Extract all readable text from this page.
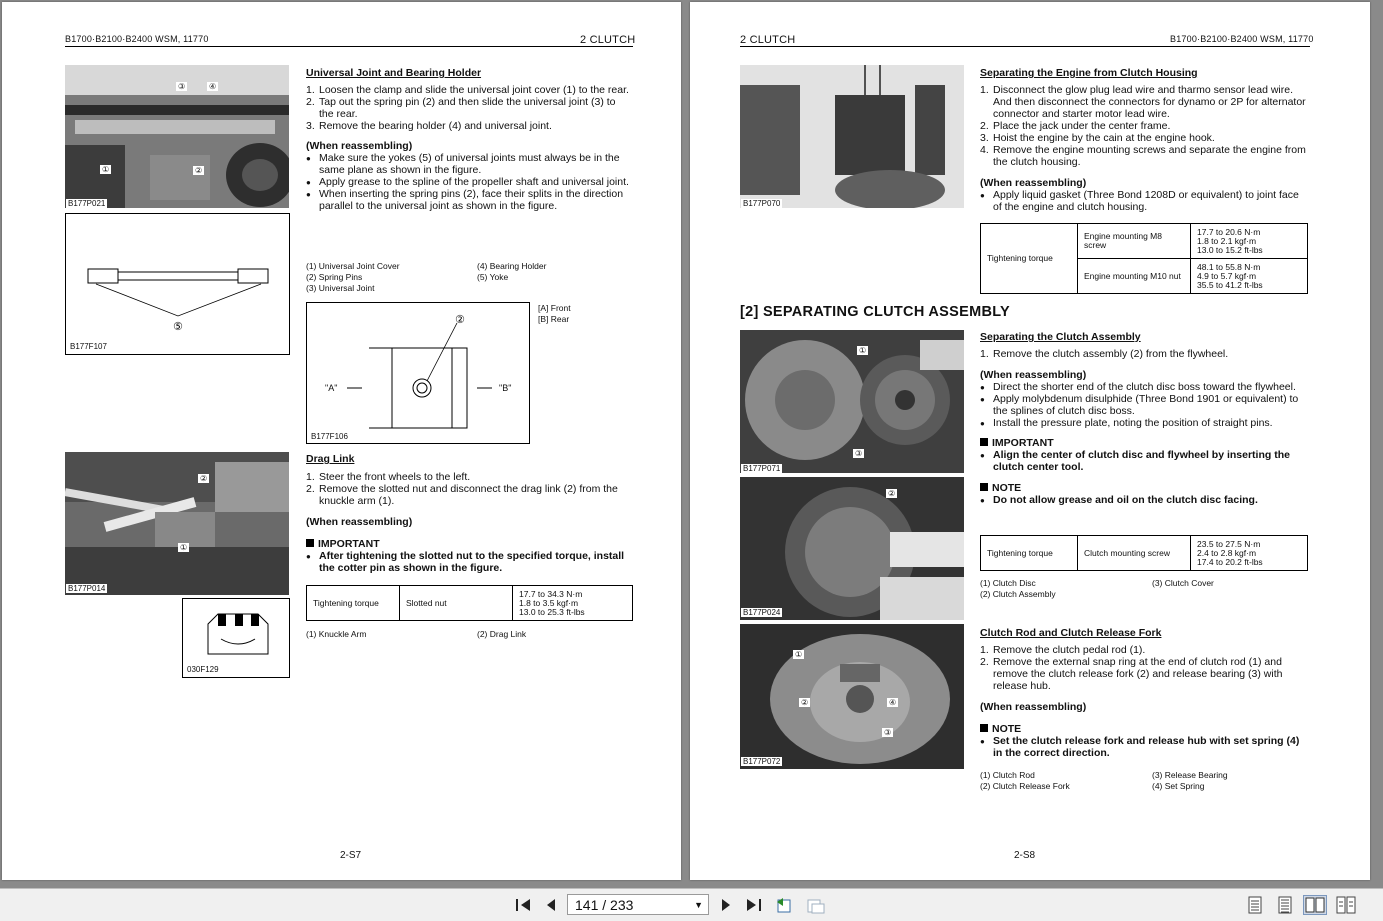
B1700·B2100·B2400 WSM, 11770	2 CLUTCH
③	④
②
①
B177P021
⑤
B177F107
Universal Joint and Bearing Holder
1. Loosen the clamp and slide the universal joint cover (1) to the rear.
2. Tap out the spring pin (2) and then slide the universal joint (3) to the rear.
3. Remove the bearing holder (4) and universal joint.

(When reassembling)

● Make sure the yokes (5) of universal joints must always be in the same plane as shown in the figure.
● Apply grease to the spline of the propeller shaft and universal joint.
● When inserting the spring pins (2), face their splits in the direction parallel to the universal joint as shown in the figure.
(1) Universal Joint Cover
(2) Spring Pins
(3) Universal Joint
(4) Bearing Holder
(5) Yoke
②
"A"	"B"
B177F106
[A] Front
[B] Rear
②
①
B177P014
030F129
Drag Link
1. Steer the front wheels to the left.
2. Remove the slotted nut and disconnect the drag link (2) from the knuckle arm (1).

(When reassembling)

IMPORTANT

● After tightening the slotted nut to the specified torque, install the cotter pin as shown in the figure.
Tightening torque	Slotted nut	
17.7 to 34.3 N·m
1.8 to 3.5 kgf·m
13.0 to 25.3 ft-lbs
(1) Knuckle Arm	(2) Drag Link
2-S7
2 CLUTCH	B1700·B2100·B2400 WSM, 11770
B177P070
Separating the Engine from Clutch Housing
1. Disconnect the glow plug lead wire and tharmo sensor lead wire. And then disconnect the connectors for dynamo or 2P for alternator connector and starter motor lead wire.
2. Place the jack under the center frame.
3. Hoist the engine by the cain at the engine hook.
4. Remove the engine mounting screws and separate the engine from the clutch housing.

(When reassembling)

● Apply liquid gasket (Three Bond 1208D or equivalent) to joint face of the engine and clutch housing.
Tightening torque	Engine mounting M8 screw	17.7 to 20.6 N·m
1.8 to 2.1 kgf·m
13.0 to 15.2 ft-lbs

	Engine mounting M10 nut	48.1 to 55.8 N·m
4.9 to 5.7 kgf·m
35.5 to 41.2 ft-lbs
[2] SEPARATING CLUTCH ASSEMBLY
①
③
B177P071
②
B177P024
①
②	④
③
B177P072
Separating the Clutch Assembly
1. Remove the clutch assembly (2) from the flywheel.

(When reassembling)

● Direct the shorter end of the clutch disc boss toward the flywheel.
● Apply molybdenum disulphide (Three Bond 1901 or equivalent) to the splines of clutch disc boss.
● Install the pressure plate, noting the position of straight pins.

IMPORTANT

● Align the center of clutch disc and flywheel by inserting the clutch center tool.

NOTE

● Do not allow grease and oil on the clutch disc facing.
Tightening torque	Clutch mounting screw	
23.5 to 27.5 N·m
2.4 to 2.8 kgf·m
17.4 to 20.2 ft-lbs
(1) Clutch Disc
(2) Clutch Assembly
(3) Clutch Cover
Clutch Rod and Clutch Release Fork
1. Remove the clutch pedal rod (1).
2. Remove the external snap ring at the end of clutch rod (1) and remove the clutch release fork (2) and release bearing (3) with release hub.

(When reassembling)

NOTE

● Set the clutch release fork and release hub with set spring (4) in the correct direction.
(1) Clutch Rod
(2) Clutch Release Fork
(3) Release Bearing
(4) Set Spring
2-S8
141 / 233	▼
